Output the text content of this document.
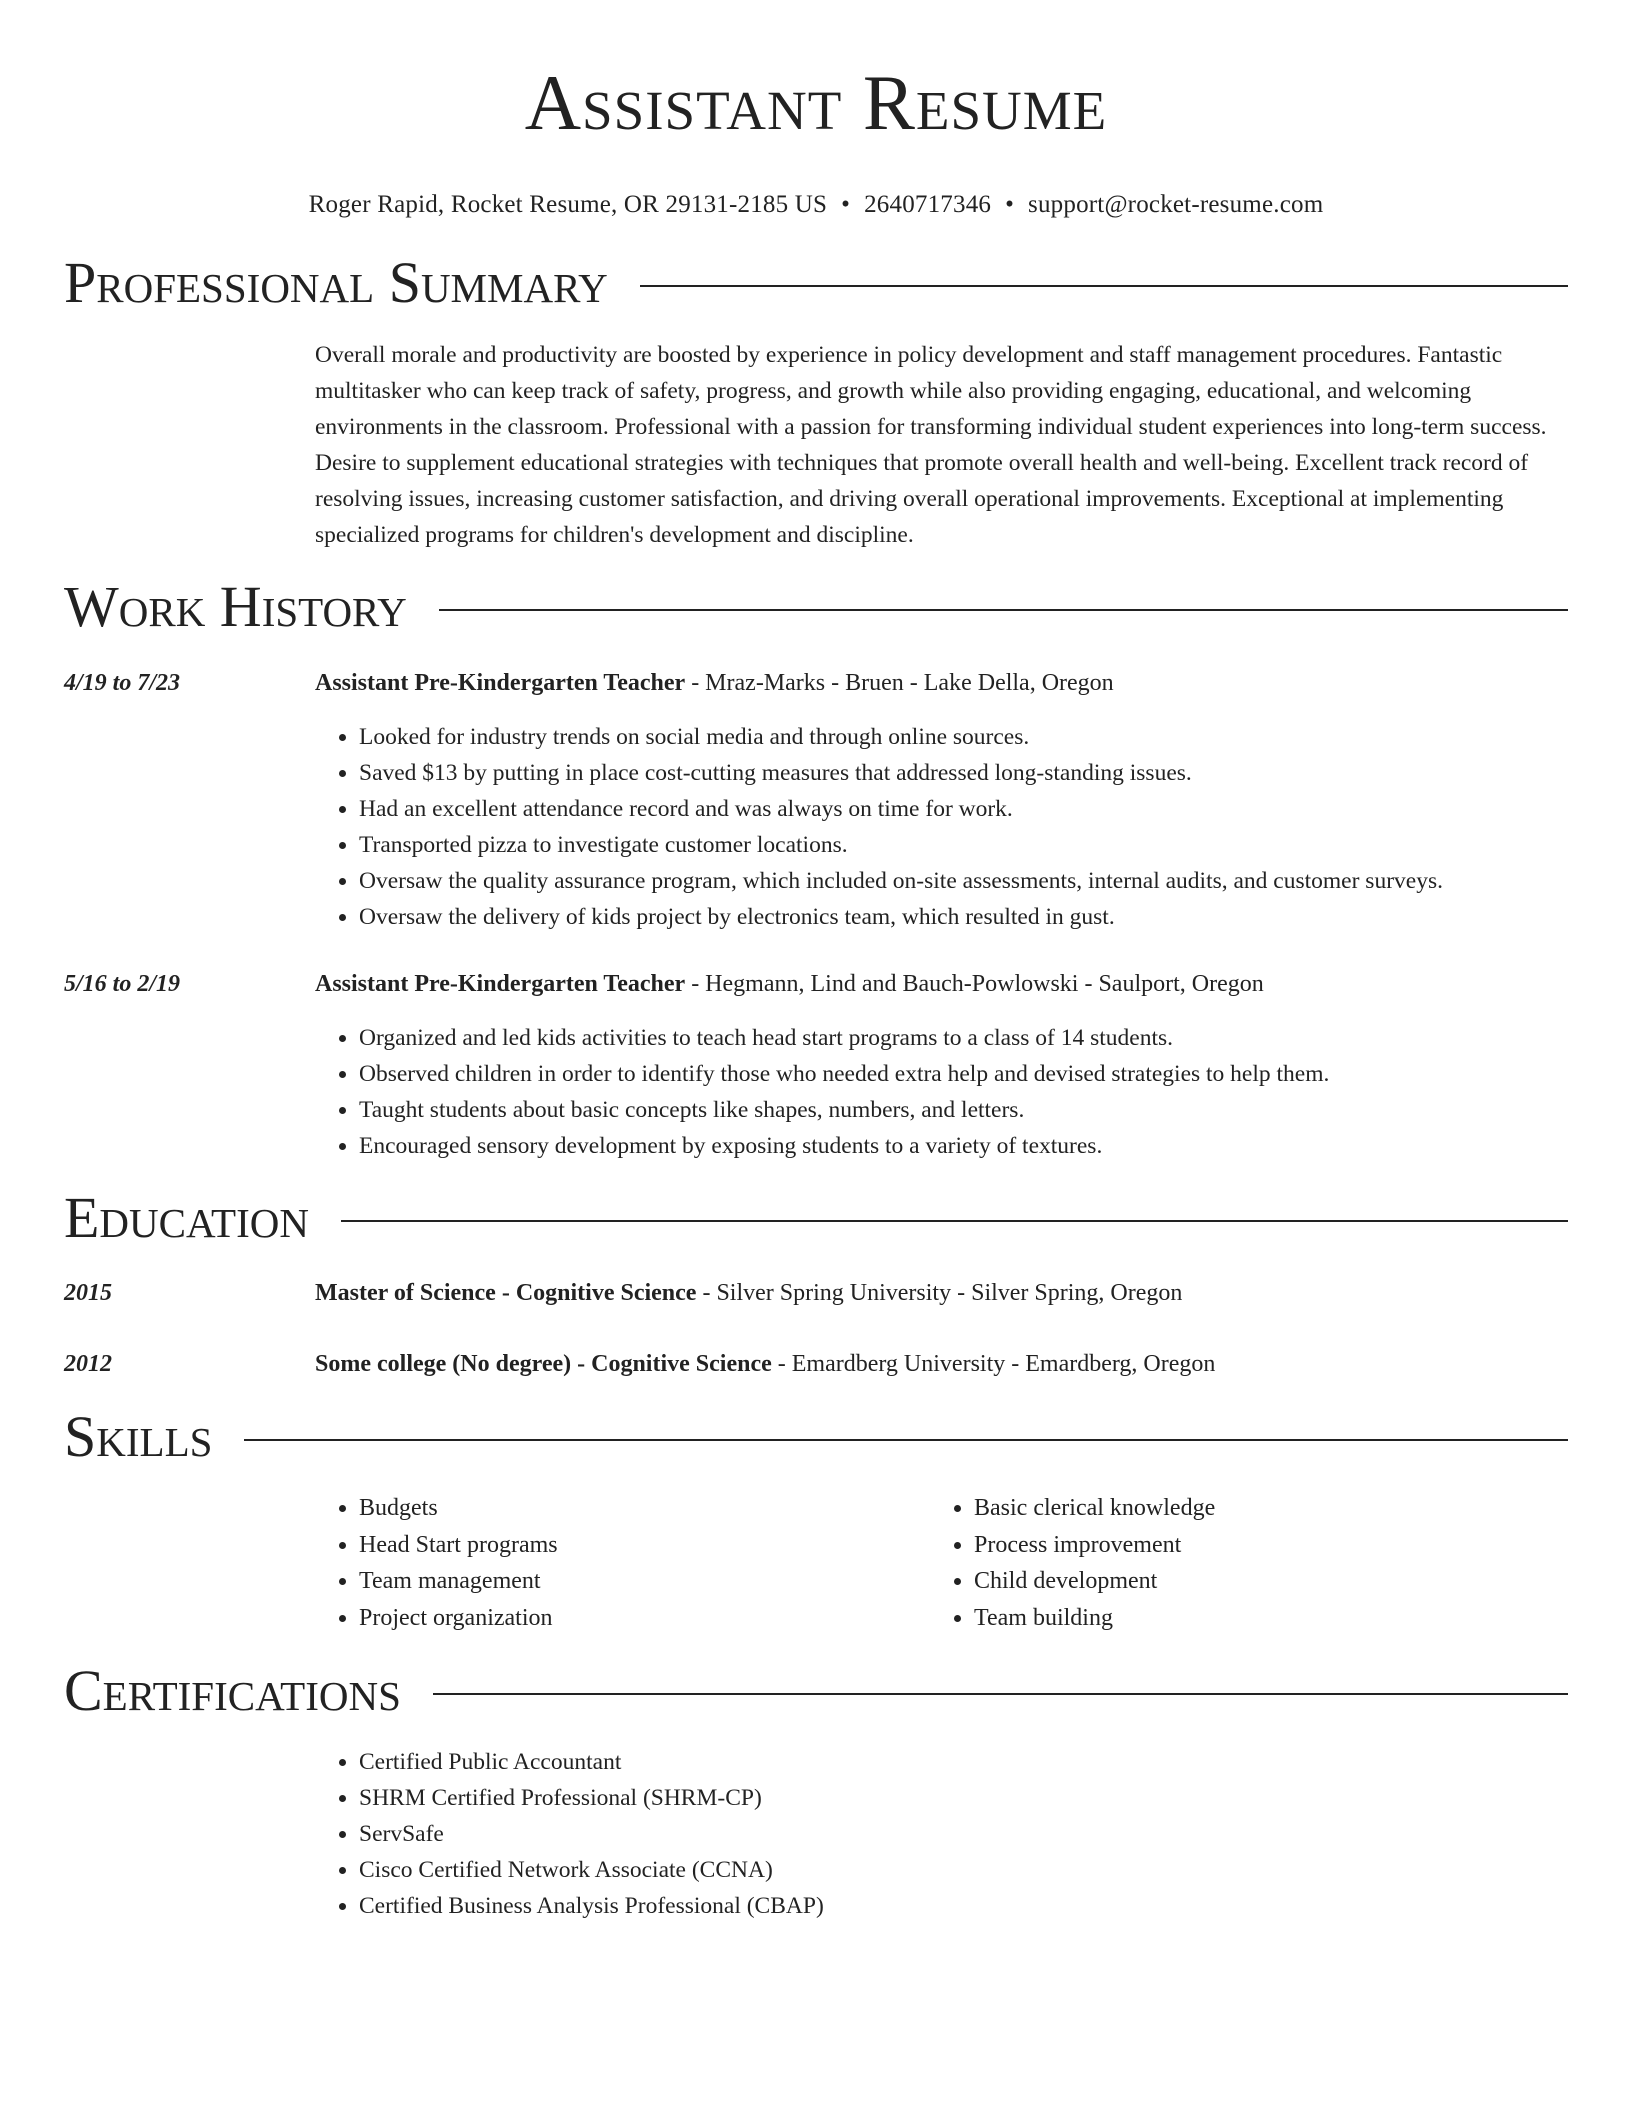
Assistant Resume
Roger Rapid, Rocket Resume, OR 29131-2185 US • 2640717346 • support@rocket-resume.com
Professional Summary
Overall morale and productivity are boosted by experience in policy development and staff management procedures. Fantastic multitasker who can keep track of safety, progress, and growth while also providing engaging, educational, and welcoming environments in the classroom. Professional with a passion for transforming individual student experiences into long-term success. Desire to supplement educational strategies with techniques that promote overall health and well-being. Excellent track record of resolving issues, increasing customer satisfaction, and driving overall operational improvements. Exceptional at implementing specialized programs for children's development and discipline.
Work History
4/19 to 7/23	Assistant Pre-Kindergarten Teacher - Mraz-Marks - Bruen - Lake Della, Oregon
• Looked for industry trends on social media and through online sources.
• Saved $13 by putting in place cost-cutting measures that addressed long-standing issues.
• Had an excellent attendance record and was always on time for work.
• Transported pizza to investigate customer locations.
• Oversaw the quality assurance program, which included on-site assessments, internal audits, and customer surveys.
• Oversaw the delivery of kids project by electronics team, which resulted in gust.
5/16 to 2/19	Assistant Pre-Kindergarten Teacher - Hegmann, Lind and Bauch-Powlowski - Saulport, Oregon
• Organized and led kids activities to teach head start programs to a class of 14 students.
• Observed children in order to identify those who needed extra help and devised strategies to help them.
• Taught students about basic concepts like shapes, numbers, and letters.
• Encouraged sensory development by exposing students to a variety of textures.
Education
2015	Master of Science - Cognitive Science - Silver Spring University - Silver Spring, Oregon
2012	Some college (No degree) - Cognitive Science - Emardberg University - Emardberg, Oregon
Skills
• Budgets
• Head Start programs
• Team management
• Project organization
• Basic clerical knowledge
• Process improvement
• Child development
• Team building
Certifications
• Certified Public Accountant
• SHRM Certified Professional (SHRM-CP)
• ServSafe
• Cisco Certified Network Associate (CCNA)
• Certified Business Analysis Professional (CBAP)
